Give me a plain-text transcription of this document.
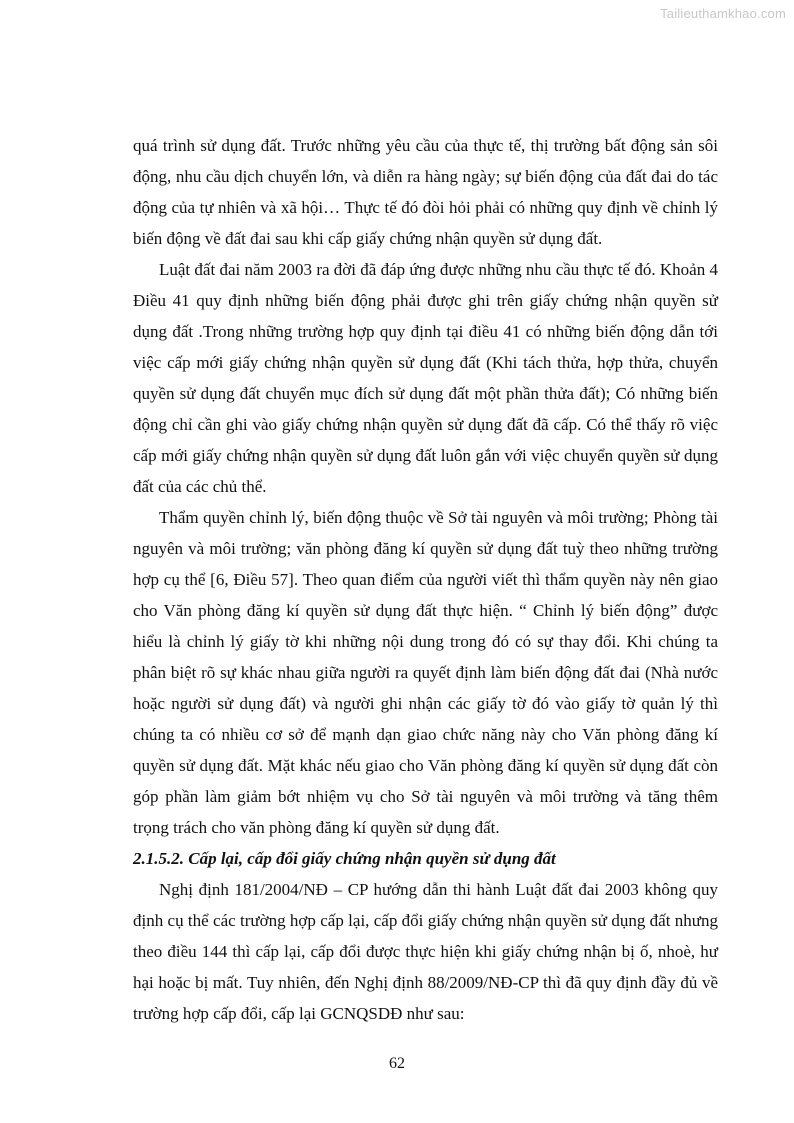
Tailieuthamkhao.com

quá trình sử dụng đất. Trước những yêu cầu của thực tế, thị trường bất động sản sôi động, nhu cầu dịch chuyển lớn, và diễn ra hàng ngày; sự biến động của đất đai do tác động của tự nhiên và xã hội… Thực tế đó đòi hỏi phải có những quy định về chỉnh lý biến động về đất đai sau khi cấp giấy chứng nhận quyền sử dụng đất.

Luật đất đai năm 2003 ra đời đã đáp ứng được những nhu cầu thực tế đó. Khoản 4 Điều 41 quy định những biến động phải được ghi trên giấy chứng nhận quyền sử dụng đất .Trong những trường hợp quy định tại điều 41 có những biến động dẫn tới việc cấp mới giấy chứng nhận quyền sử dụng đất (Khi tách thửa, hợp thửa, chuyển quyền sử dụng đất chuyển mục đích sử dụng đất một phần thửa đất); Có những biến động chỉ cần ghi vào giấy chứng nhận quyền sử dụng đất đã cấp. Có thể thấy rõ việc cấp mới giấy chứng nhận quyền sử dụng đất luôn gắn với việc chuyển quyền sử dụng đất của các chủ thể.

Thẩm quyền chỉnh lý, biến động thuộc về Sở tài nguyên và môi trường; Phòng tài nguyên và môi trường; văn phòng đăng kí quyền sử dụng đất tuỳ theo những trường hợp cụ thể [6, Điều 57]. Theo quan điểm của người viết thì thẩm quyền này nên giao cho Văn phòng đăng kí quyền sử dụng đất thực hiện. “ Chỉnh lý biến động” được hiểu là chỉnh lý giấy tờ khi những nội dung trong đó có sự thay đổi. Khi chúng ta phân biệt rõ sự khác nhau giữa người ra quyết định làm biến động đất đai (Nhà nước hoặc người sử dụng đất) và người ghi nhận các giấy tờ đó vào giấy tờ quản lý thì chúng ta có nhiều cơ sở để mạnh dạn giao chức năng này cho Văn phòng đăng kí quyền sử dụng đất. Mặt khác nếu giao cho Văn phòng đăng kí quyền sử dụng đất còn góp phần làm giảm bớt nhiệm vụ cho Sở tài nguyên và môi trường và tăng thêm trọng trách cho văn phòng đăng kí quyền sử dụng đất.

2.1.5.2. Cấp lại, cấp đổi giấy chứng nhận quyền sử dụng đất

Nghị định 181/2004/NĐ – CP hướng dẫn thi hành Luật đất đai 2003 không quy định cụ thể các trường hợp cấp lại, cấp đổi giấy chứng nhận quyền sử dụng đất nhưng theo điều 144 thì cấp lại, cấp đổi được thực hiện khi giấy chứng nhận bị ố, nhoè, hư hại hoặc bị mất. Tuy nhiên, đến Nghị định 88/2009/NĐ-CP thì đã quy định đầy đủ về trường hợp cấp đổi, cấp lại GCNQSDĐ như sau:

62
